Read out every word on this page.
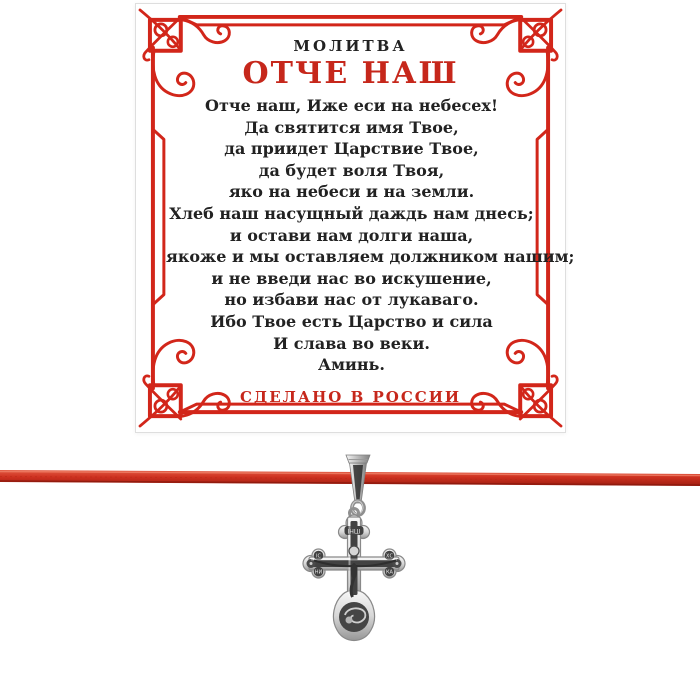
МОЛИТВА
ОТЧЕ НАШ
Отче наш, Иже еси на небесех!
Да святится имя Твое,
да приидет Царствие Твое,
да будет воля Твоя,
яко на небеси и на земли.
Хлеб наш насущный даждь нам днесь;
и остави нам долги наша,
якоже и мы оставляем должником нашим;
и не введи нас во искушение,
но избави нас от лукаваго.
Ибо Твое есть Царство и сила
И слава во веки.
Аминь.
СДЕЛАНО В РОССИИ
ІНЦІ
ІС	ХС
НИ	КА
